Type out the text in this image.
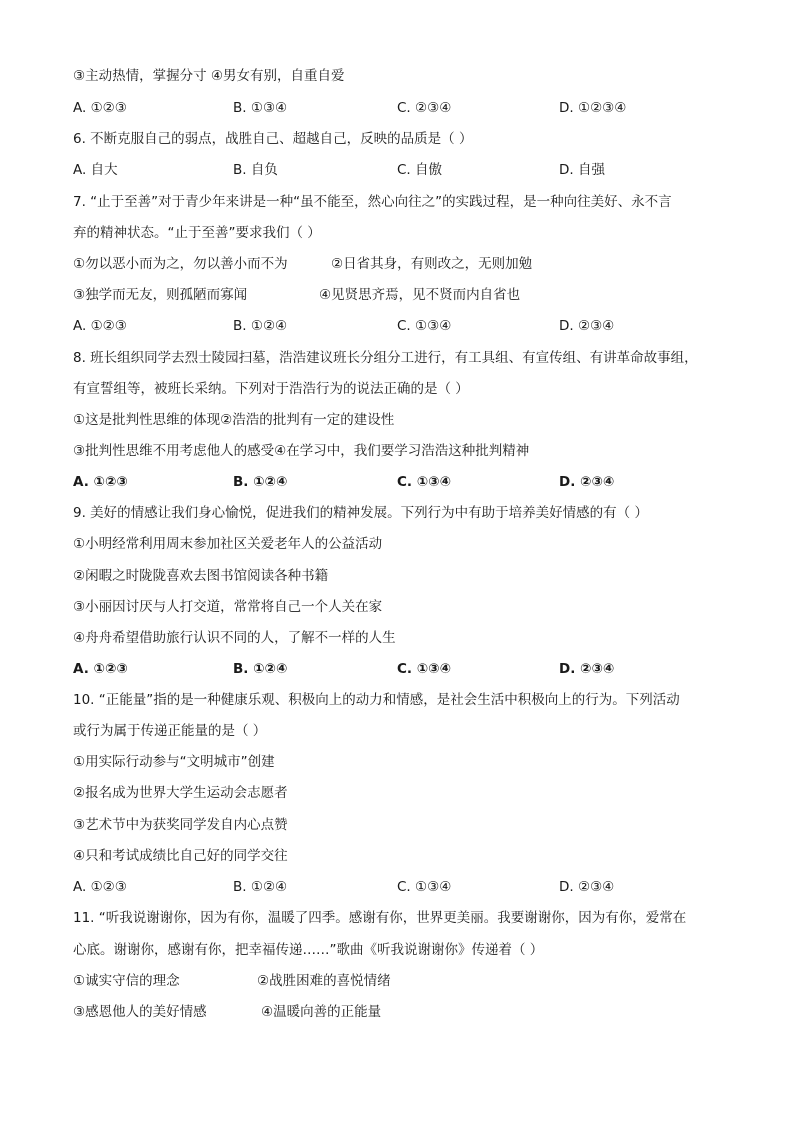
③主动热情，掌握分寸 ④男女有别，自重自爱
A. ①②③	B. ①③④	C. ②③④	D. ①②③④
6. 不断克服自己的弱点，战胜自己、超越自己，反映的品质是（ ）
A. 自大	B. 自负	C. 自傲	D. 自强
7. “止于至善”对于青少年来讲是一种“虽不能至，然心向往之”的实践过程，是一种向往美好、永不言
弃的精神状态。“止于至善”要求我们（ ）
①勿以恶小而为之，勿以善小而不为	②日省其身，有则改之，无则加勉
③独学而无友，则孤陋而寡闻	④见贤思齐焉，见不贤而内自省也
A. ①②③	B. ①②④	C. ①③④	D. ②③④
8. 班长组织同学去烈士陵园扫墓，浩浩建议班长分组分工进行，有工具组、有宣传组、有讲革命故事组，
有宣誓组等，被班长采纳。下列对于浩浩行为的说法正确的是（ ）
①这是批判性思维的体现②浩浩的批判有一定的建设性
③批判性思维不用考虑他人的感受④在学习中，我们要学习浩浩这种批判精神
A. ①②③	B. ①②④	C. ①③④	D. ②③④
9. 美好的情感让我们身心愉悦，促进我们的精神发展。下列行为中有助于培养美好情感的有（ ）
①小明经常利用周末参加社区关爱老年人的公益活动
②闲暇之时陇陇喜欢去图书馆阅读各种书籍
③小丽因讨厌与人打交道，常常将自己一个人关在家
④舟舟希望借助旅行认识不同的人，了解不一样的人生
A. ①②③	B. ①②④	C. ①③④	D. ②③④
10. “正能量”指的是一种健康乐观、积极向上的动力和情感，是社会生活中积极向上的行为。下列活动
或行为属于传递正能量的是（ ）
①用实际行动参与“文明城市”创建
②报名成为世界大学生运动会志愿者
③艺术节中为获奖同学发自内心点赞
④只和考试成绩比自己好的同学交往
A. ①②③	B. ①②④	C. ①③④	D. ②③④
11. “听我说谢谢你，因为有你，温暖了四季。感谢有你，世界更美丽。我要谢谢你，因为有你，爱常在
心底。谢谢你，感谢有你，把幸福传递……”歌曲《听我说谢谢你》传递着（ ）
①诚实守信的理念	②战胜困难的喜悦情绪
③感恩他人的美好情感	④温暖向善的正能量
